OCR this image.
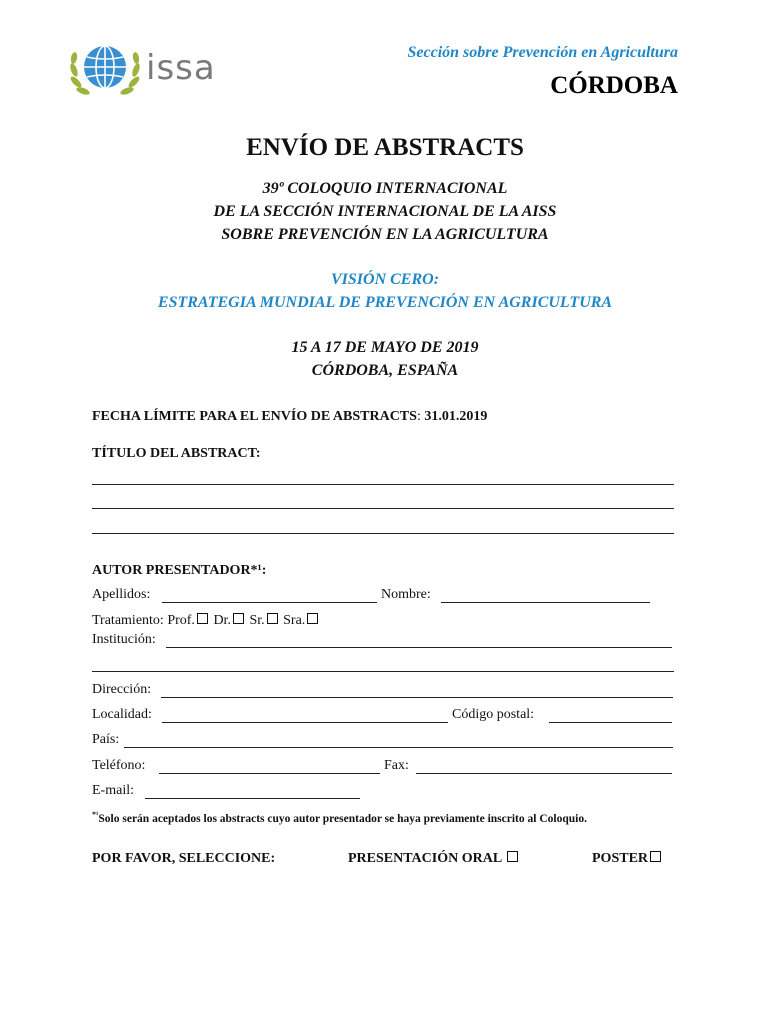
issa	Sección sobre Prevención en Agricultura
CÓRDOBA
ENVÍO DE ABSTRACTS
39º COLOQUIO INTERNACIONAL
DE LA SECCIÓN INTERNACIONAL DE LA AISS
SOBRE PREVENCIÓN EN LA AGRICULTURA
VISIÓN CERO:
ESTRATEGIA MUNDIAL DE PREVENCIÓN EN AGRICULTURA
15 A 17 DE MAYO DE 2019
CÓRDOBA, ESPAÑA
FECHA LÍMITE PARA EL ENVÍO DE ABSTRACTS: 31.01.2019
TÍTULO DEL ABSTRACT:
AUTOR PRESENTADOR*¹:
Apellidos:	Nombre:
Tratamiento: Prof. Dr. Sr. Sra.
Institución:
Dirección:
Localidad:	Código postal:
País:
Teléfono:	Fax:
E-mail:
$^{*^1}$Solo serán aceptados los abstracts cuyo autor presentador se haya previamente inscrito al Coloquio.
POR FAVOR, SELECCIONE:	PRESENTACIÓN ORAL	POSTER
